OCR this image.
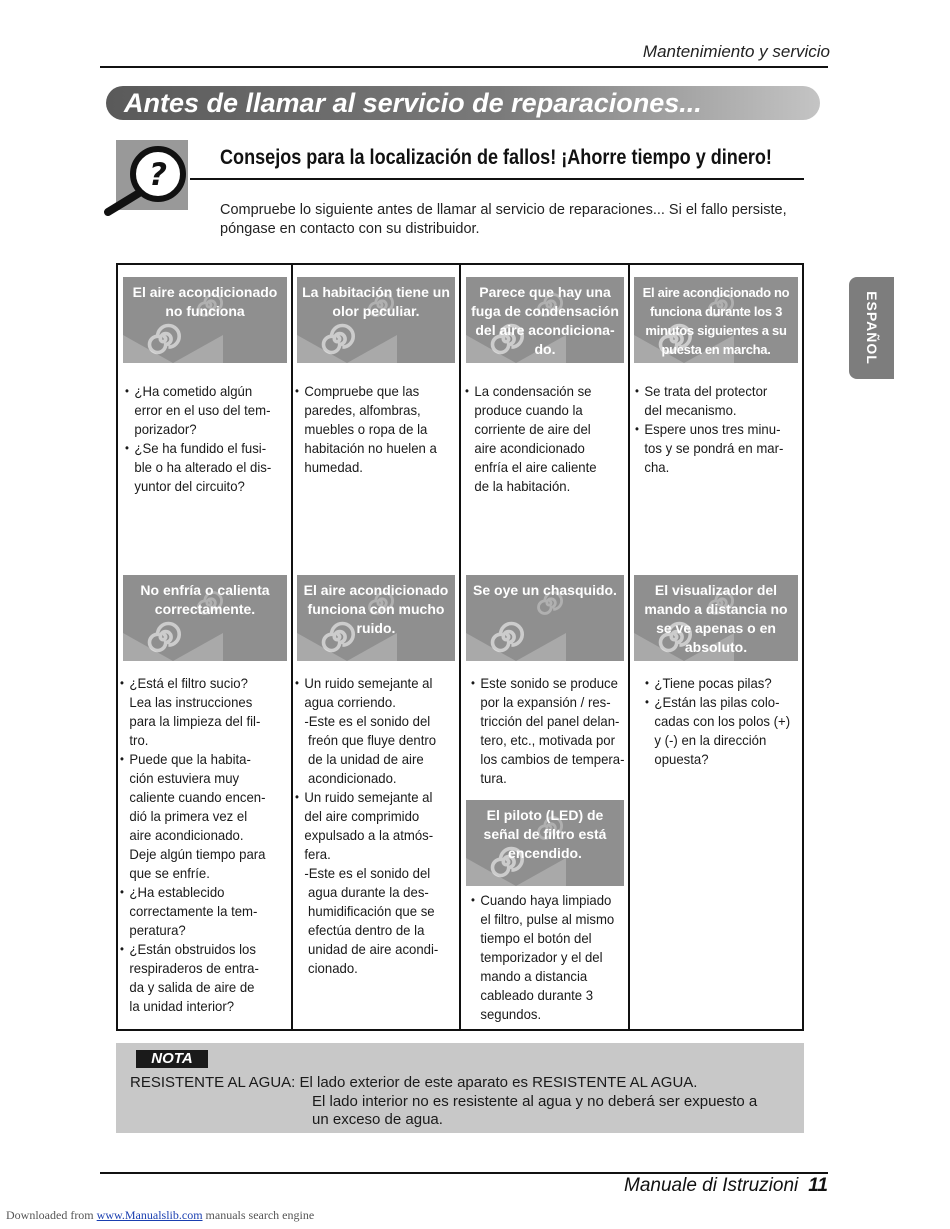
Mantenimiento y servicio
Antes de llamar al servicio de reparaciones...
?	Consejos para la localización de fallos! ¡Ahorre tiempo y dinero!
Compruebe lo siguiente antes de llamar al servicio de reparaciones... Si el fallo persiste,
póngase en contacto con su distribuidor.
El aire acondicionado
no funciona
• ¿Ha cometido algún
error en el uso del tem-
porizador?
• ¿Se ha fundido el fusi-
ble o ha alterado el dis-
yuntor del circuito?
La habitación tiene un
olor peculiar.
• Compruebe que las
paredes, alfombras,
muebles o ropa de la
habitación no huelen a
humedad.
Parece que hay una
fuga de condensación
del aire acondiciona-
do.
• La condensación se
produce cuando la
corriente de aire del
aire acondicionado
enfría el aire caliente
de la habitación.
El aire acondicionado no
funciona durante los 3
minutos siguientes a su
puesta en marcha.
• Se trata del protector
del mecanismo.
• Espere unos tres minu-
tos y se pondrá en mar-
cha.
No enfría o calienta
correctamente.
• ¿Está el filtro sucio?
Lea las instrucciones
para la limpieza del fil-
tro.
• Puede que la habita-
ción estuviera muy
caliente cuando encen-
dió la primera vez el
aire acondicionado.
Deje algún tiempo para
que se enfríe.
• ¿Ha establecido
correctamente la tem-
peratura?
• ¿Están obstruidos los
respiraderos de entra-
da y salida de aire de
la unidad interior?
El aire acondicionado
funciona con mucho
ruido.
• Un ruido semejante al
agua corriendo.
-Este es el sonido del
freón que fluye dentro
de la unidad de aire
acondicionado.
• Un ruido semejante al
del aire comprimido
expulsado a la atmós-
fera.
-Este es el sonido del
agua durante la des-
humidificación que se
efectúa dentro de la
unidad de aire acondi-
cionado.
Se oye un chasquido.
• Este sonido se produce
por la expansión / res-
tricción del panel delan-
tero, etc., motivada por
los cambios de tempera-
tura.
El visualizador del
mando a distancia no
se ve apenas o en
absoluto.
• ¿Tiene pocas pilas?
• ¿Están las pilas colo-
cadas con los polos (+)
y (-) en la dirección
opuesta?
El piloto (LED) de
señal de filtro está
encendido.
• Cuando haya limpiado
el filtro, pulse al mismo
tiempo el botón del
temporizador y el del
mando a distancia
cableado durante 3
segundos.
ESPAÑOL
NOTA
RESISTENTE AL AGUA: El lado exterior de este aparato es RESISTENTE AL AGUA.
El lado interior no es resistente al agua y no deberá ser expuesto a
un exceso de agua.
Manuale di Istruzioni 11
Downloaded from www.Manualslib.com manuals search engine
